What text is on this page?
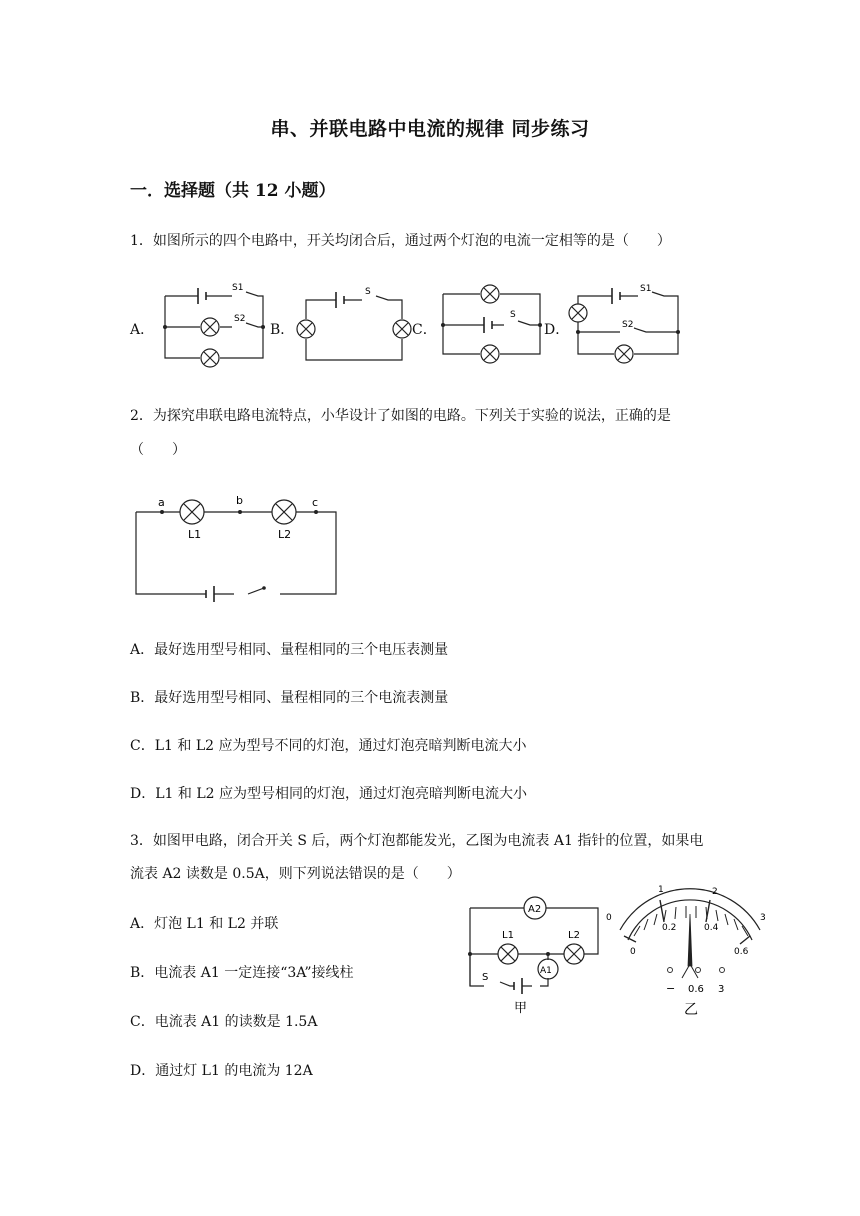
串、并联电路中电流的规律 同步练习
一．选择题（共 12 小题）
1．如图所示的四个电路中，开关均闭合后，通过两个灯泡的电流一定相等的是（　　）
A．	B．	C．	D．
S1
S2
S
S
S1
S2
2．为探究串联电路电流特点，小华设计了如图的电路。下列关于实验的说法，正确的是
（　　）
a	b	c
L1	L2
A．最好选用型号相同、量程相同的三个电压表测量
B．最好选用型号相同、量程相同的三个电流表测量
C．L1 和 L2 应为型号不同的灯泡，通过灯泡亮暗判断电流大小
D．L1 和 L2 应为型号相同的灯泡，通过灯泡亮暗判断电流大小
3．如图甲电路，闭合开关 S 后，两个灯泡都能发光，乙图为电流表 A1 指针的位置，如果电
流表 A2 读数是 0.5A，则下列说法错误的是（　　）
A．灯泡 L1 和 L2 并联
B．电流表 A1 一定连接“3A”接线柱
C．电流表 A1 的读数是 1.5A
D．通过灯 L1 的电流为 12A
A2
A1
L1	L2
S
甲
0
1	2
3
0
0.2	0.4
0.6
− 0.6 3
乙
